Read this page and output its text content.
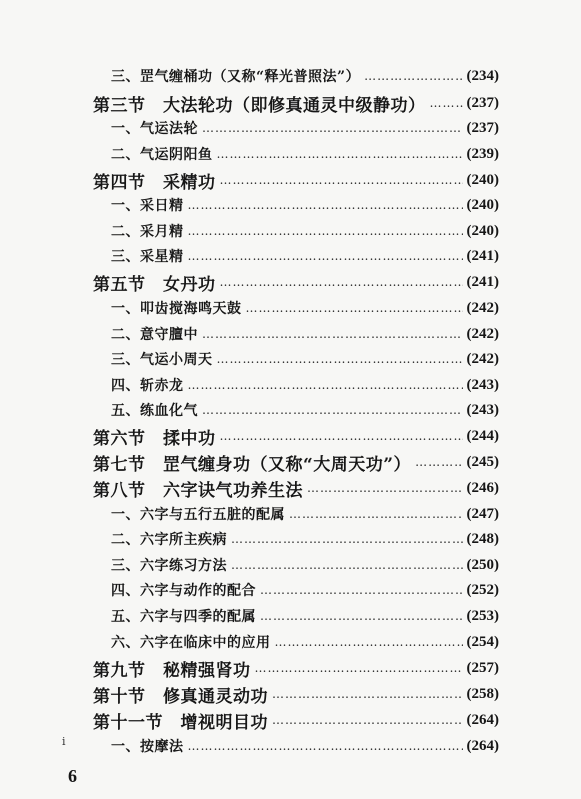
三、罡气缠桶功（又称“释光普照法”） …………………………………………………………………………………………………………………………………	(234)
第三节　大法轮功（即修真通灵中级静功） …………………………………………………………………………………………………………………………………	(237)
一、气运法轮 …………………………………………………………………………………………………………………………………	(237)
二、气运阴阳鱼 …………………………………………………………………………………………………………………………………	(239)
第四节　采精功 …………………………………………………………………………………………………………………………………	(240)
一、采日精 …………………………………………………………………………………………………………………………………	(240)
二、采月精 …………………………………………………………………………………………………………………………………	(240)
三、采星精 …………………………………………………………………………………………………………………………………	(241)
第五节　女丹功 …………………………………………………………………………………………………………………………………	(241)
一、叩齿搅海鸣天鼓 …………………………………………………………………………………………………………………………………	(242)
二、意守膻中 …………………………………………………………………………………………………………………………………	(242)
三、气运小周天 …………………………………………………………………………………………………………………………………	(242)
四、斩赤龙 …………………………………………………………………………………………………………………………………	(243)
五、练血化气 …………………………………………………………………………………………………………………………………	(243)
第六节　揉中功 …………………………………………………………………………………………………………………………………	(244)
第七节　罡气缠身功（又称“大周天功”） …………………………………………………………………………………………………………………………………	(245)
第八节　六字诀气功养生法 …………………………………………………………………………………………………………………………………	(246)
一、六字与五行五脏的配属 …………………………………………………………………………………………………………………………………	(247)
二、六字所主疾病 …………………………………………………………………………………………………………………………………	(248)
三、六字练习方法 …………………………………………………………………………………………………………………………………	(250)
四、六字与动作的配合 …………………………………………………………………………………………………………………………………	(252)
五、六字与四季的配属 …………………………………………………………………………………………………………………………………	(253)
六、六字在临床中的应用 …………………………………………………………………………………………………………………………………	(254)
第九节　秘精强肾功 …………………………………………………………………………………………………………………………………	(257)
第十节　修真通灵动功 …………………………………………………………………………………………………………………………………	(258)
第十一节　增视明目功 …………………………………………………………………………………………………………………………………	(264)
一、按摩法 …………………………………………………………………………………………………………………………………	(264)
i
6
